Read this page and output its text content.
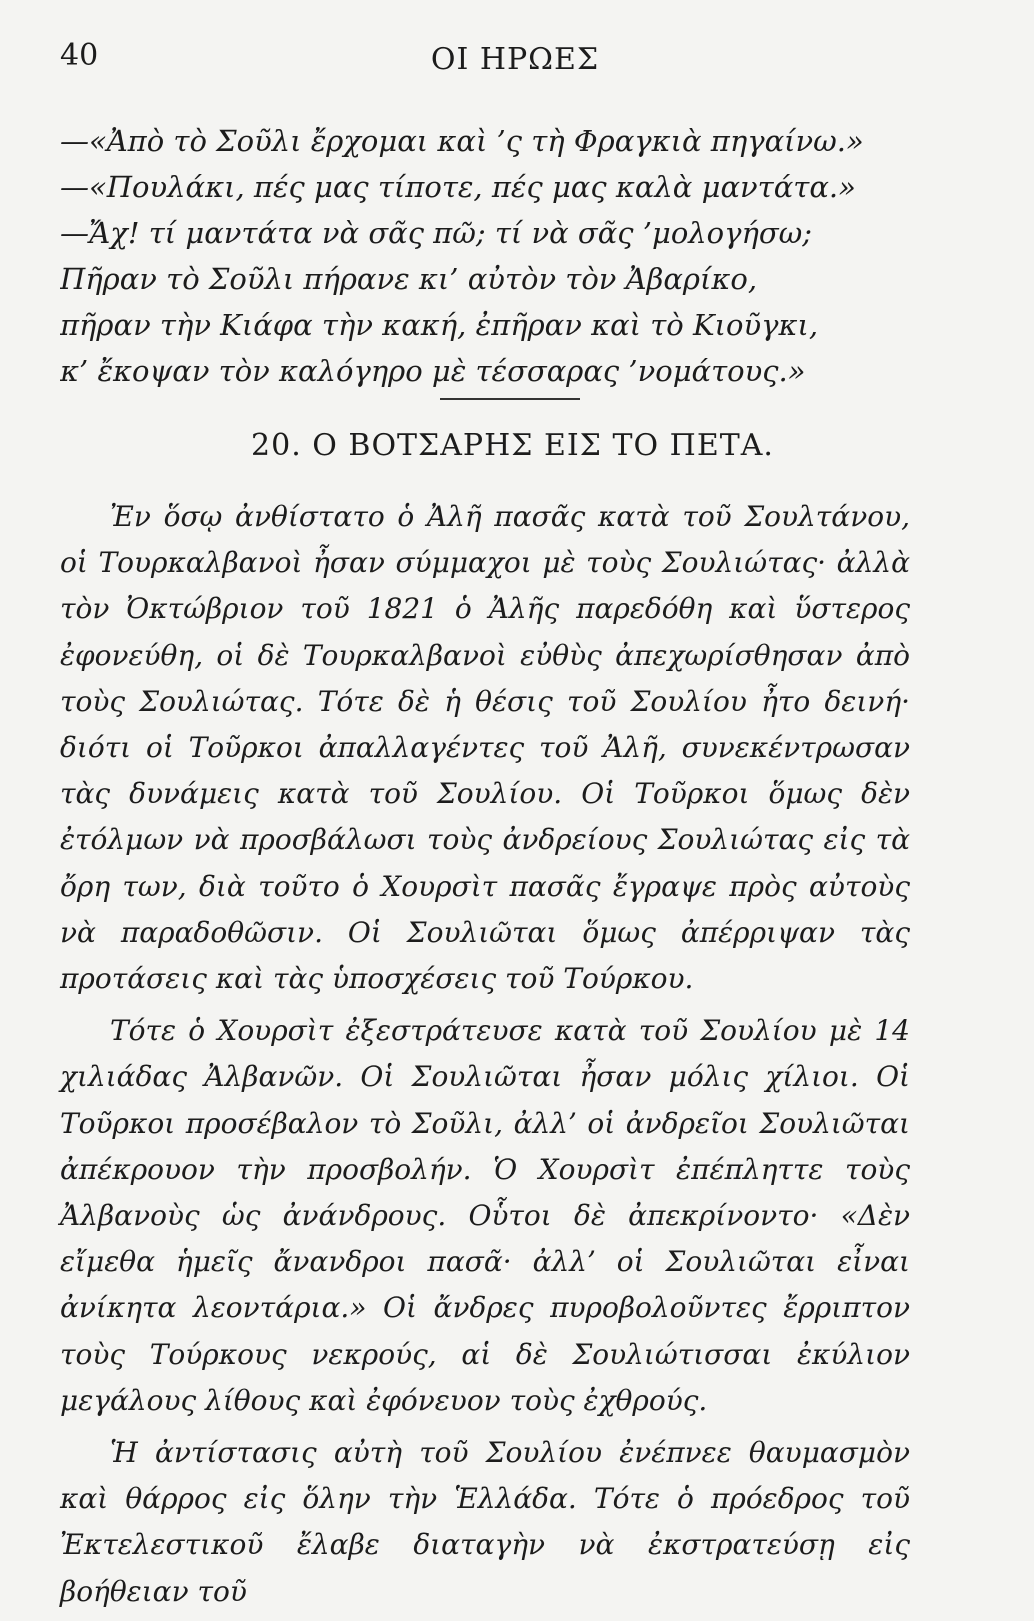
40	ΟΙ ΗΡΩΕΣ
—«Ἀπὸ τὸ Σοῦλι ἔρχομαι καὶ ’ς τὴ Φραγκιὰ πηγαίνω.»
—«Πουλάκι, πές μας τίποτε, πές μας καλὰ μαντάτα.»
—Ἄχ! τί μαντάτα νὰ σᾶς πῶ; τί νὰ σᾶς ’μολογήσω;
Πῆραν τὸ Σοῦλι πήρανε κι’ αὐτὸν τὸν Ἀβαρίκο,
πῆραν τὴν Κιάφα τὴν κακή, ἐπῆραν καὶ τὸ Κιοῦγκι,
κ’ ἔκοψαν τὸν καλόγηρο μὲ τέσσαρας ’νομάτους.»
20. Ο ΒΟΤΣΑΡΗΣ ΕΙΣ ΤΟ ΠΕΤΑ.

Ἐν ὅσῳ ἀνθίστατο ὁ Ἀλῆ πασᾶς κατὰ τοῦ Σουλτάνου, οἱ Τουρκαλβανοὶ ἦσαν σύμμαχοι μὲ τοὺς Σουλιώτας· ἀλλὰ τὸν Ὀκτώβριον τοῦ 1821 ὁ Ἀλῆς παρεδόθη καὶ ὕστερος ἐφονεύθη, οἱ δὲ Τουρκαλβανοὶ εὐθὺς ἀπεχωρίσθησαν ἀπὸ τοὺς Σουλιώτας. Τότε δὲ ἡ θέσις τοῦ Σουλίου ἦτο δεινή· διότι οἱ Τοῦρκοι ἀπαλλαγέντες τοῦ Ἀλῆ, συνεκέντρωσαν τὰς δυνάμεις κατὰ τοῦ Σουλίου. Οἱ Τοῦρκοι ὅμως δὲν ἐτόλμων νὰ προσβάλωσι τοὺς ἀνδρείους Σουλιώτας εἰς τὰ ὄρη των, διὰ τοῦτο ὁ Χουρσὶτ πασᾶς ἔγραψε πρὸς αὐτοὺς νὰ παραδοθῶσιν. Οἱ Σουλιῶται ὅμως ἀπέρριψαν τὰς προτάσεις καὶ τὰς ὑποσχέσεις τοῦ Τούρκου.

Τότε ὁ Χουρσὶτ ἐξεστράτευσε κατὰ τοῦ Σουλίου μὲ 14 χιλιάδας Ἀλβανῶν. Οἱ Σουλιῶται ἦσαν μόλις χίλιοι. Οἱ Τοῦρκοι προσέβαλον τὸ Σοῦλι, ἀλλ’ οἱ ἀνδρεῖοι Σουλιῶται ἀπέκρουον τὴν προσβολήν. Ὁ Χουρσὶτ ἐπέπληττε τοὺς Ἀλβανοὺς ὡς ἀνάνδρους. Οὗτοι δὲ ἀπεκρίνοντο· «Δὲν εἴμεθα ἡμεῖς ἄνανδροι πασᾶ· ἀλλ’ οἱ Σουλιῶται εἶναι ἀνίκητα λεοντάρια.» Οἱ ἄνδρες πυροβολοῦντες ἔρριπτον τοὺς Τούρκους νεκρούς, αἱ δὲ Σουλιώτισσαι ἐκύλιον μεγάλους λίθους καὶ ἐφόνευον τοὺς ἐχθρούς.

Ἡ ἀντίστασις αὐτὴ τοῦ Σουλίου ἐνέπνεε θαυμασμὸν καὶ θάρρος εἰς ὅλην τὴν Ἑλλάδα. Τότε ὁ πρόεδρος τοῦ Ἐκτελεστικοῦ ἔλαβε διαταγὴν νὰ ἐκστρατεύσῃ εἰς βοήθειαν τοῦ
